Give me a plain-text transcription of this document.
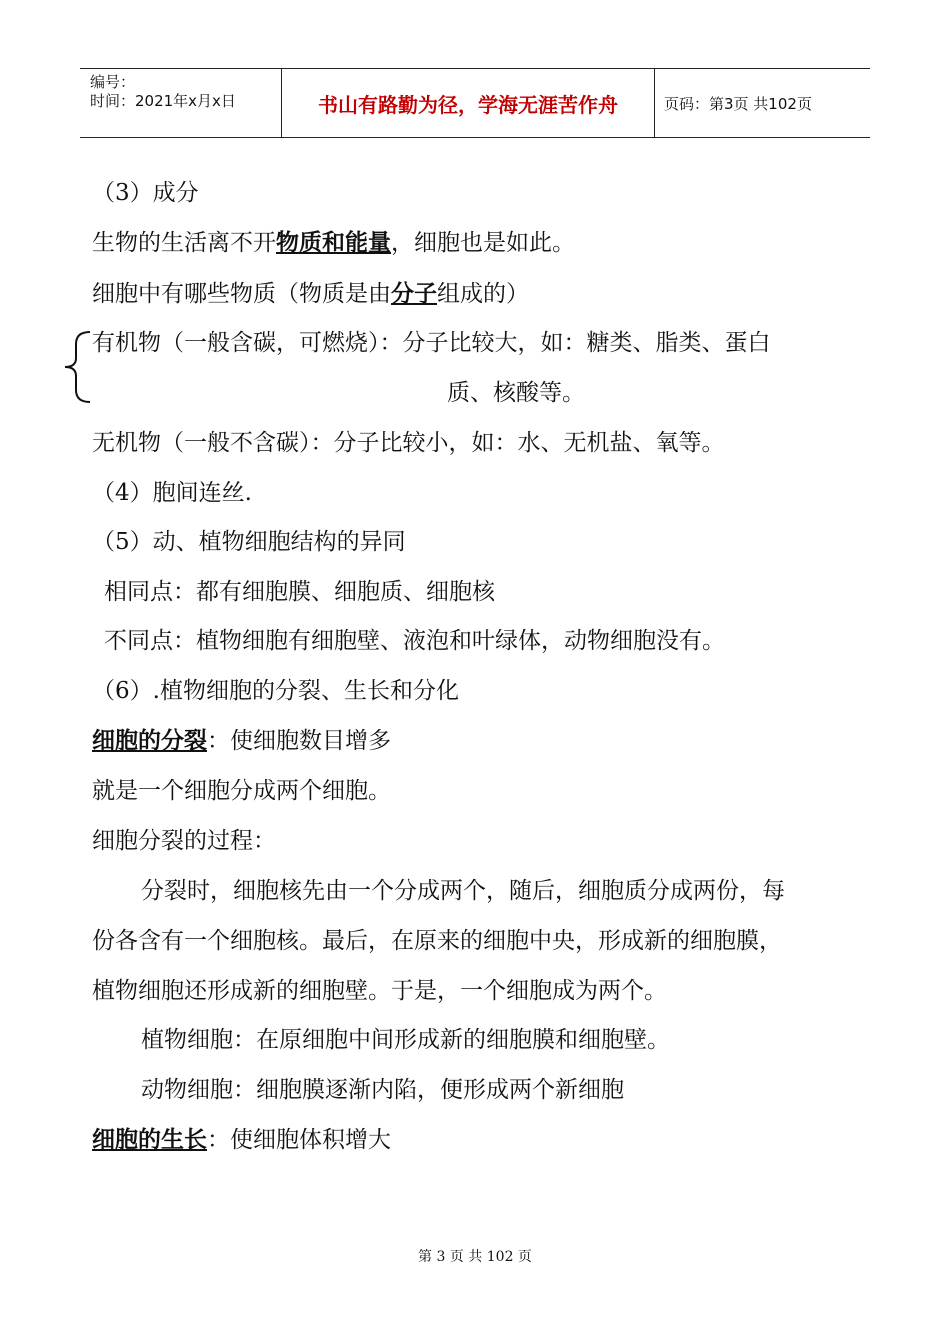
编号：
时间：2021年x月x日	书山有路勤为径，学海无涯苦作舟	页码：第3页 共102页
（3）成分
生物的生活离不开物质和能量，细胞也是如此。
细胞中有哪些物质（物质是由分子组成的）
有机物（一般含碳，可燃烧）：分子比较大，如：糖类、脂类、蛋白
质、核酸等。
无机物（一般不含碳）：分子比较小，如：水、无机盐、氧等。
（4）胞间连丝.
（5）动、植物细胞结构的异同
相同点：都有细胞膜、细胞质、细胞核
不同点：植物细胞有细胞壁、液泡和叶绿体，动物细胞没有。
（6）.植物细胞的分裂、生长和分化
细胞的分裂：使细胞数目增多
就是一个细胞分成两个细胞。
细胞分裂的过程：
分裂时，细胞核先由一个分成两个，随后，细胞质分成两份，每
份各含有一个细胞核。最后，在原来的细胞中央，形成新的细胞膜，
植物细胞还形成新的细胞壁。于是，一个细胞成为两个。
植物细胞：在原细胞中间形成新的细胞膜和细胞壁。
动物细胞：细胞膜逐渐内陷，便形成两个新细胞
细胞的生长：使细胞体积增大
第 3 页 共 102 页
